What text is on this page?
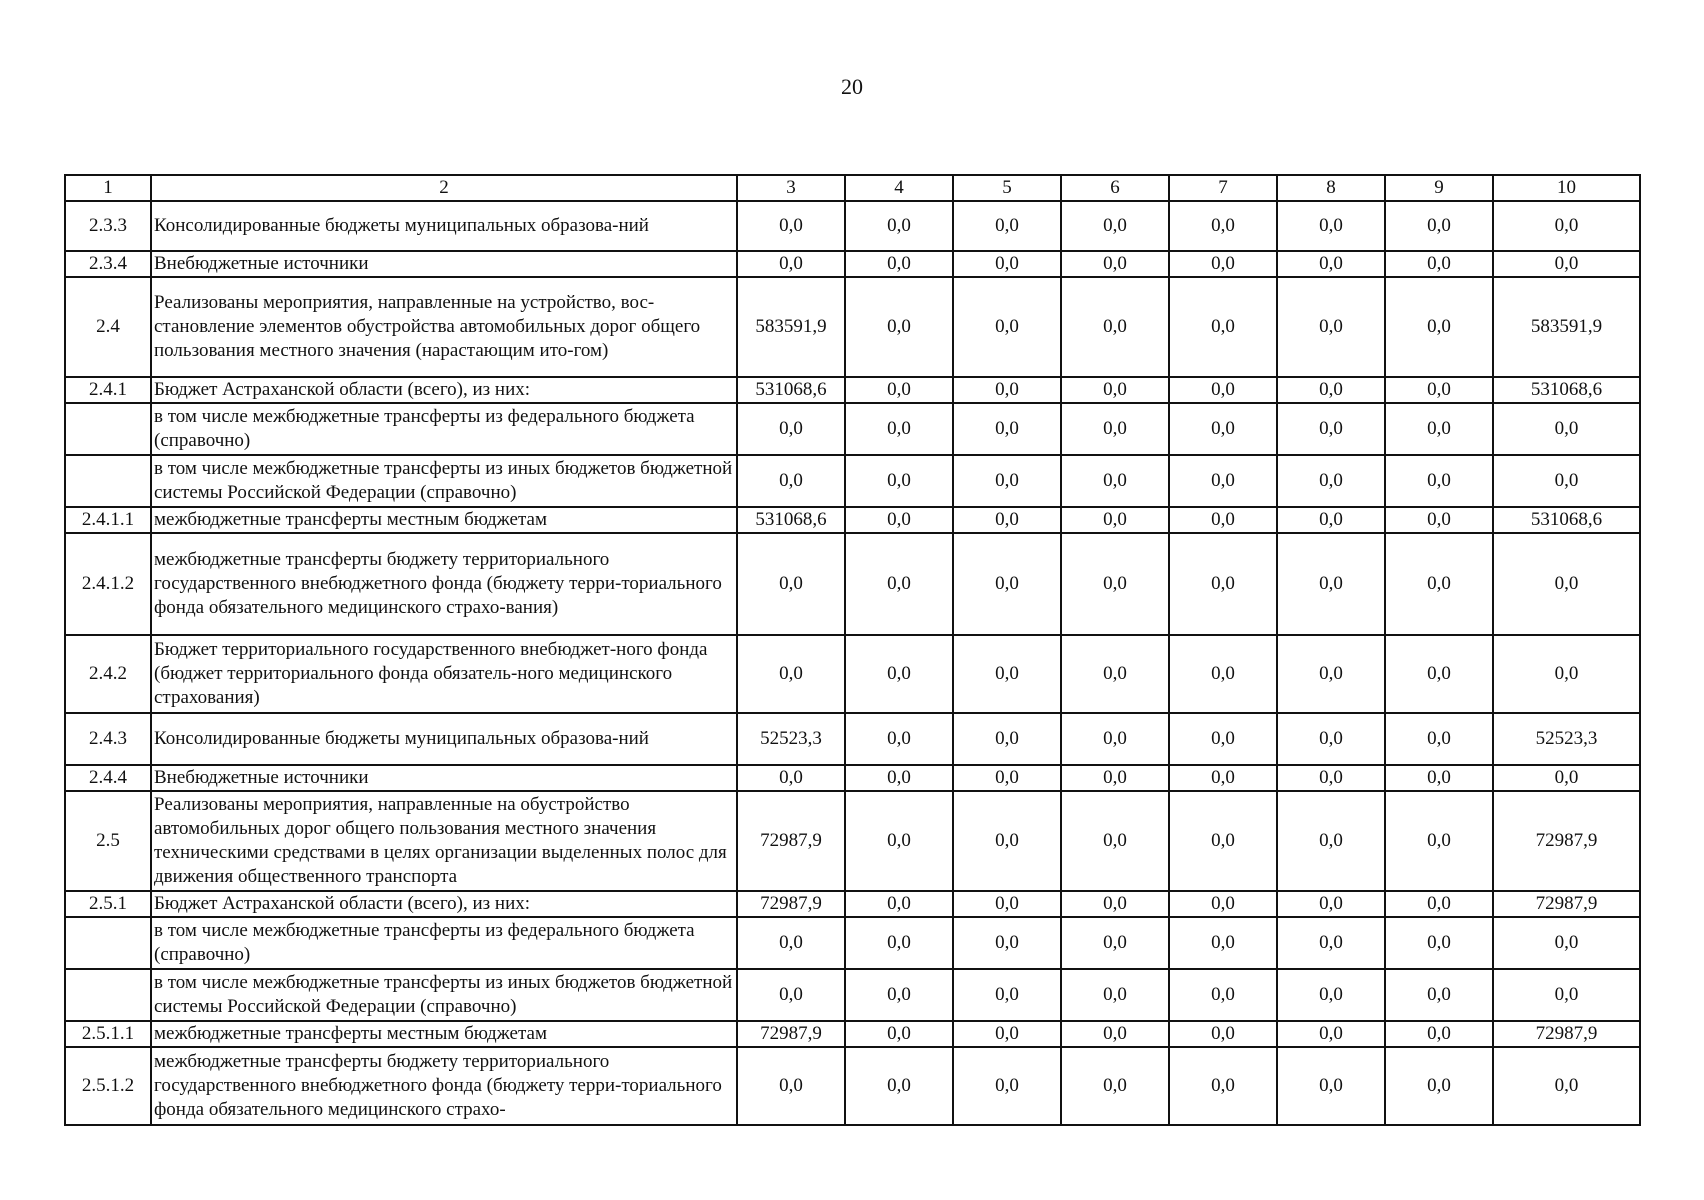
20
1	2	3	4	5	6	7	8	9	10
2.3.3	Консолидированные бюджеты муниципальных образова-ний	0,0	0,0	0,0	0,0	0,0	0,0	0,0	0,0
2.3.4	Внебюджетные источники	0,0	0,0	0,0	0,0	0,0	0,0	0,0	0,0
2.4	Реализованы мероприятия, направленные на устройство, вос-становление элементов обустройства автомобильных дорог общего пользования местного значения (нарастающим ито-гом)	583591,9	0,0	0,0	0,0	0,0	0,0	0,0	583591,9
2.4.1	Бюджет Астраханской области (всего), из них:	531068,6	0,0	0,0	0,0	0,0	0,0	0,0	531068,6
	в том числе межбюджетные трансферты из федерального бюджета (справочно)	0,0	0,0	0,0	0,0	0,0	0,0	0,0	0,0
	в том числе межбюджетные трансферты из иных бюджетов бюджетной системы Российской Федерации (справочно)	0,0	0,0	0,0	0,0	0,0	0,0	0,0	0,0
2.4.1.1	межбюджетные трансферты местным бюджетам	531068,6	0,0	0,0	0,0	0,0	0,0	0,0	531068,6
2.4.1.2	межбюджетные трансферты бюджету территориального государственного внебюджетного фонда (бюджету терри-ториального фонда обязательного медицинского страхо-вания)	0,0	0,0	0,0	0,0	0,0	0,0	0,0	0,0
2.4.2	Бюджет территориального государственного внебюджет-ного фонда (бюджет территориального фонда обязатель-ного медицинского страхования)	0,0	0,0	0,0	0,0	0,0	0,0	0,0	0,0
2.4.3	Консолидированные бюджеты муниципальных образова-ний	52523,3	0,0	0,0	0,0	0,0	0,0	0,0	52523,3
2.4.4	Внебюджетные источники	0,0	0,0	0,0	0,0	0,0	0,0	0,0	0,0
2.5	Реализованы мероприятия, направленные на обустройство автомобильных дорог общего пользования местного значения техническими средствами в целях организации выделенных полос для движения общественного транспорта	72987,9	0,0	0,0	0,0	0,0	0,0	0,0	72987,9
2.5.1	Бюджет Астраханской области (всего), из них:	72987,9	0,0	0,0	0,0	0,0	0,0	0,0	72987,9
	в том числе межбюджетные трансферты из федерального бюджета (справочно)	0,0	0,0	0,0	0,0	0,0	0,0	0,0	0,0
	в том числе межбюджетные трансферты из иных бюджетов бюджетной системы Российской Федерации (справочно)	0,0	0,0	0,0	0,0	0,0	0,0	0,0	0,0
2.5.1.1	межбюджетные трансферты местным бюджетам	72987,9	0,0	0,0	0,0	0,0	0,0	0,0	72987,9
2.5.1.2	межбюджетные трансферты бюджету территориального государственного внебюджетного фонда (бюджету терри-ториального фонда обязательного медицинского страхо-	0,0	0,0	0,0	0,0	0,0	0,0	0,0	0,0
